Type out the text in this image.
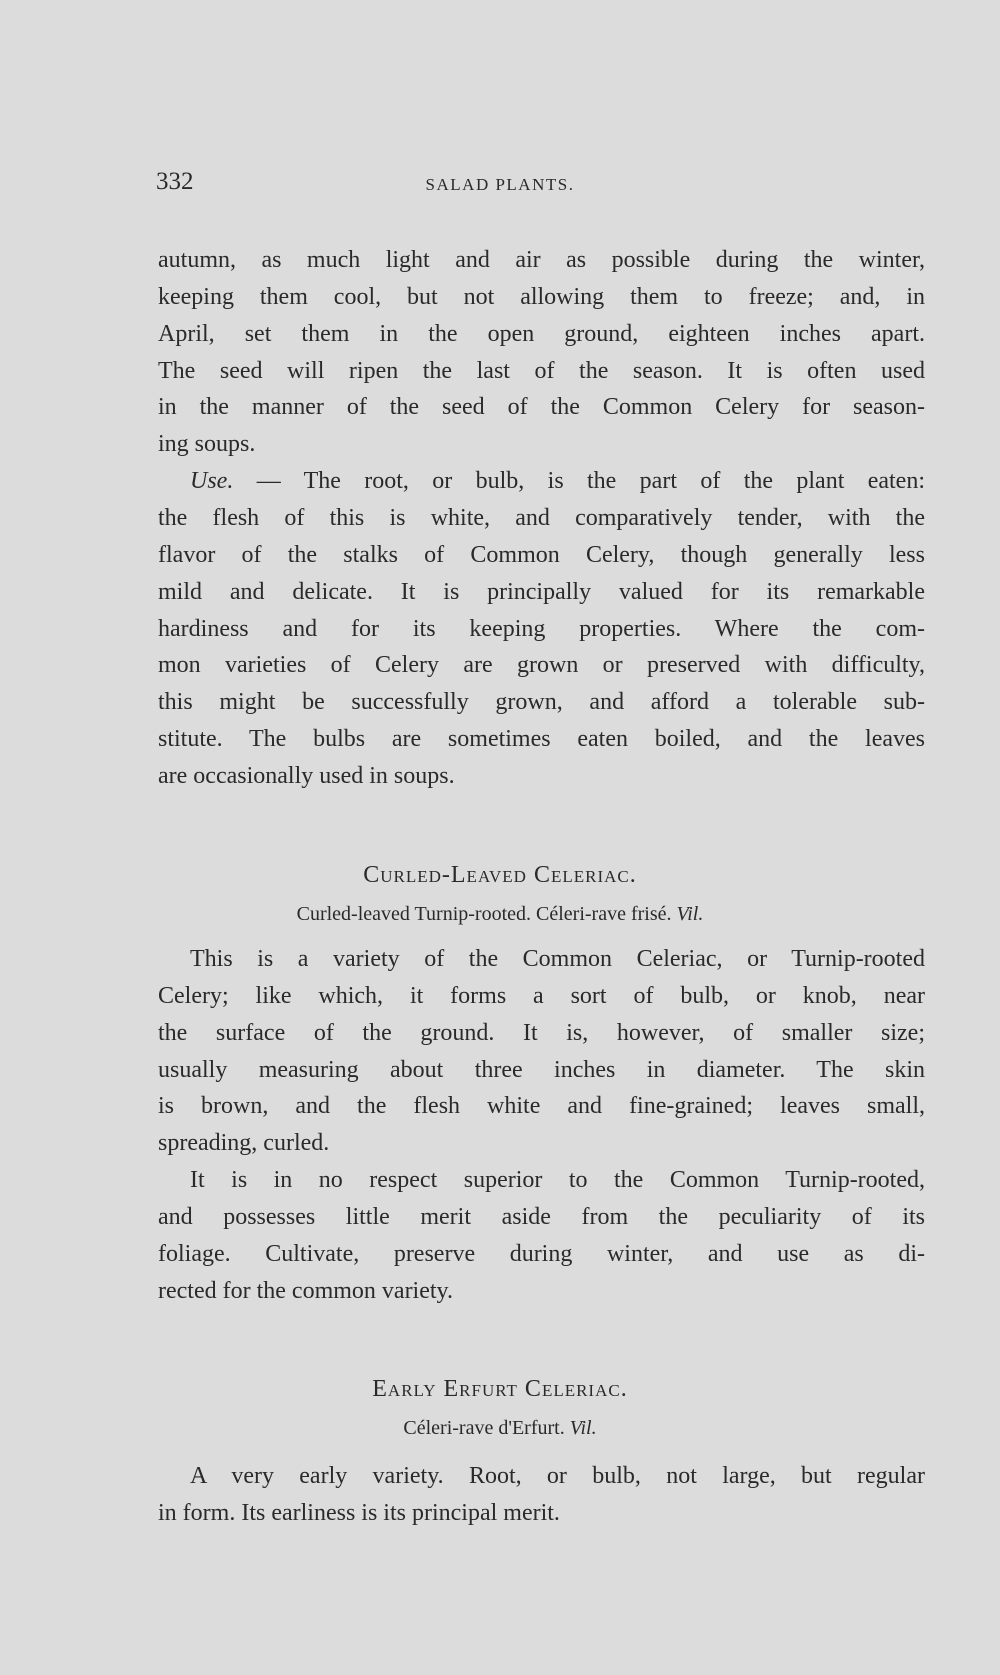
332	SALAD PLANTS.
autumn, as much light and air as possible during the winter,
keeping them cool, but not allowing them to freeze; and, in
April, set them in the open ground, eighteen inches apart.
The seed will ripen the last of the season. It is often used
in the manner of the seed of the Common Celery for season-
ing soups.
Use. — The root, or bulb, is the part of the plant eaten:
the flesh of this is white, and comparatively tender, with the
flavor of the stalks of Common Celery, though generally less
mild and delicate. It is principally valued for its remarkable
hardiness and for its keeping properties. Where the com-
mon varieties of Celery are grown or preserved with difficulty,
this might be successfully grown, and afford a tolerable sub-
stitute. The bulbs are sometimes eaten boiled, and the leaves
are occasionally used in soups.
Curled-Leaved Celeriac.
Curled-leaved Turnip-rooted. Céleri-rave frisé. Vil.
This is a variety of the Common Celeriac, or Turnip-rooted
Celery; like which, it forms a sort of bulb, or knob, near
the surface of the ground. It is, however, of smaller size;
usually measuring about three inches in diameter. The skin
is brown, and the flesh white and fine-grained; leaves small,
spreading, curled.
It is in no respect superior to the Common Turnip-rooted,
and possesses little merit aside from the peculiarity of its
foliage. Cultivate, preserve during winter, and use as di-
rected for the common variety.
Early Erfurt Celeriac.
Céleri-rave d'Erfurt. Vil.
A very early variety. Root, or bulb, not large, but regular
in form. Its earliness is its principal merit.
